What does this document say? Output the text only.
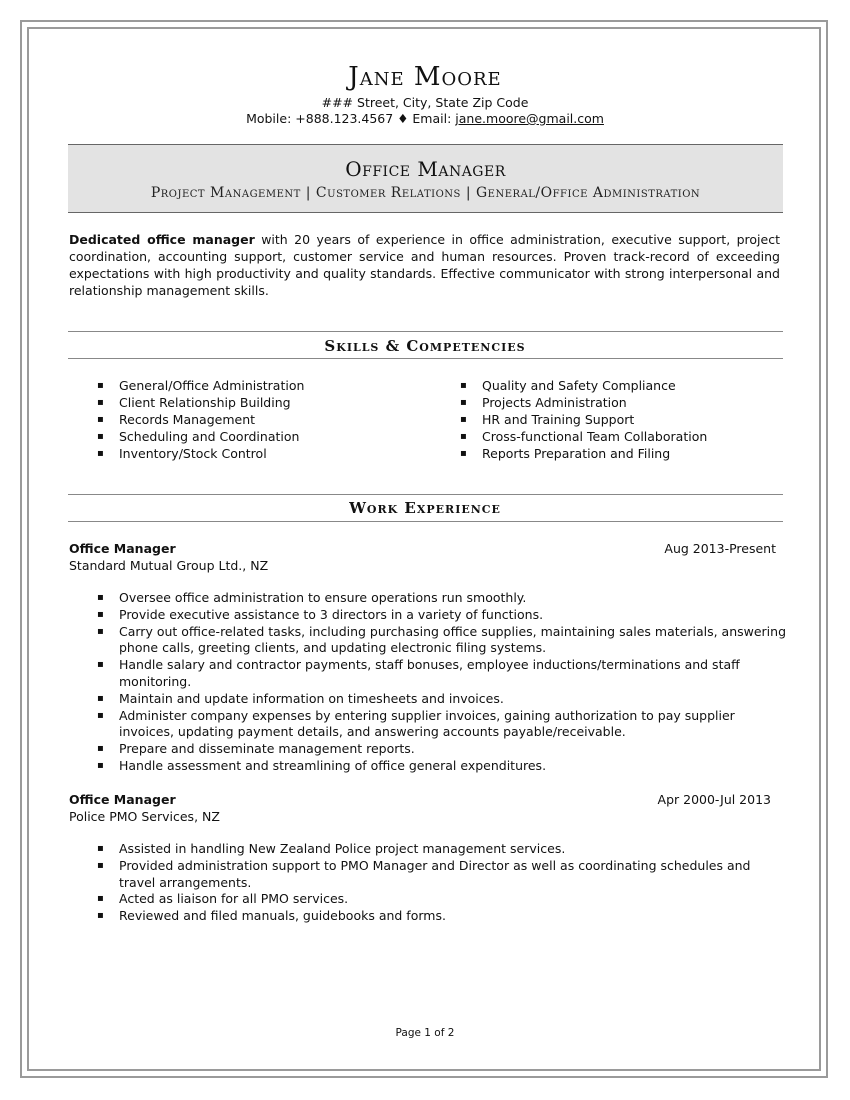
Jane Moore
### Street, City, State Zip Code
Mobile: +888.123.4567 ♦ Email: jane.moore@gmail.com
Office Manager
Project Management | Customer Relations | General/Office Administration
Dedicated office manager with 20 years of experience in office administration, executive support, project coordination, accounting support, customer service and human resources. Proven track-record of exceeding expectations with high productivity and quality standards. Effective communicator with strong interpersonal and relationship management skills.
Skills & Competencies
▪ General/Office Administration
▪ Client Relationship Building
▪ Records Management
▪ Scheduling and Coordination
▪ Inventory/Stock Control
▪ Quality and Safety Compliance
▪ Projects Administration
▪ HR and Training Support
▪ Cross-functional Team Collaboration
▪ Reports Preparation and Filing
Work Experience
Office Manager	Aug 2013-Present
Standard Mutual Group Ltd., NZ
▪ Oversee office administration to ensure operations run smoothly.
▪ Provide executive assistance to 3 directors in a variety of functions.
▪ Carry out office-related tasks, including purchasing office supplies, maintaining sales materials, answering phone calls, greeting clients, and updating electronic filing systems.
▪ Handle salary and contractor payments, staff bonuses, employee inductions/terminations and staff monitoring.
▪ Maintain and update information on timesheets and invoices.
▪ Administer company expenses by entering supplier invoices, gaining authorization to pay supplier invoices, updating payment details, and answering accounts payable/receivable.
▪ Prepare and disseminate management reports.
▪ Handle assessment and streamlining of office general expenditures.
Office Manager	Apr 2000-Jul 2013
Police PMO Services, NZ
▪ Assisted in handling New Zealand Police project management services.
▪ Provided administration support to PMO Manager and Director as well as coordinating schedules and travel arrangements.
▪ Acted as liaison for all PMO services.
▪ Reviewed and filed manuals, guidebooks and forms.
Page 1 of 2
